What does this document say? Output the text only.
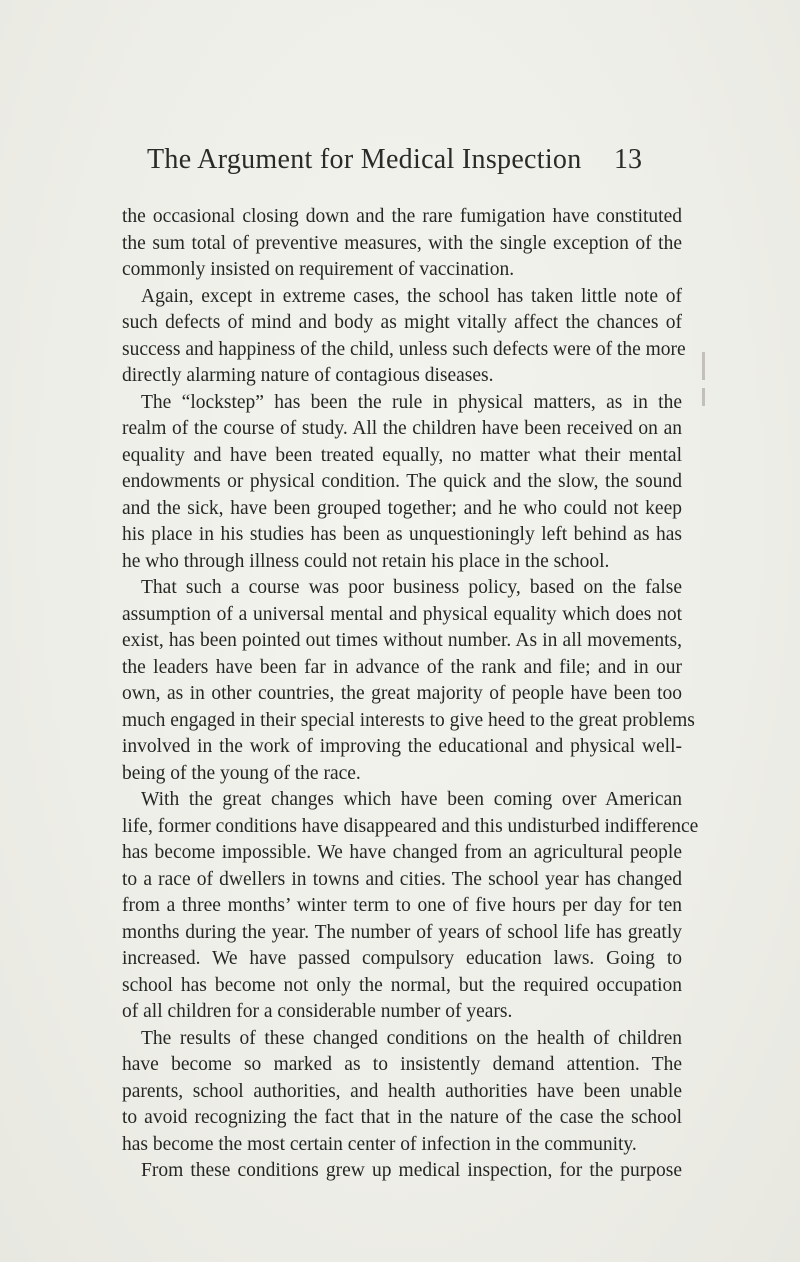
The Argument for Medical Inspection 13
the occasional closing down and the rare fumigation have constituted
the sum total of preventive measures, with the single exception of the
commonly insisted on requirement of vaccination.
Again, except in extreme cases, the school has taken little note of
such defects of mind and body as might vitally affect the chances of
success and happiness of the child, unless such defects were of the more
directly alarming nature of contagious diseases.
The “lockstep” has been the rule in physical matters, as in the
realm of the course of study. All the children have been received on an
equality and have been treated equally, no matter what their mental
endowments or physical condition. The quick and the slow, the sound
and the sick, have been grouped together; and he who could not keep
his place in his studies has been as unquestioningly left behind as has
he who through illness could not retain his place in the school.
That such a course was poor business policy, based on the false
assumption of a universal mental and physical equality which does not
exist, has been pointed out times without number. As in all movements,
the leaders have been far in advance of the rank and file; and in our
own, as in other countries, the great majority of people have been too
much engaged in their special interests to give heed to the great problems
involved in the work of improving the educational and physical well-
being of the young of the race.
With the great changes which have been coming over American
life, former conditions have disappeared and this undisturbed indifference
has become impossible. We have changed from an agricultural people
to a race of dwellers in towns and cities. The school year has changed
from a three months’ winter term to one of five hours per day for ten
months during the year. The number of years of school life has greatly
increased. We have passed compulsory education laws. Going to
school has become not only the normal, but the required occupation
of all children for a considerable number of years.
The results of these changed conditions on the health of children
have become so marked as to insistently demand attention. The
parents, school authorities, and health authorities have been unable
to avoid recognizing the fact that in the nature of the case the school
has become the most certain center of infection in the community.
From these conditions grew up medical inspection, for the purpose
